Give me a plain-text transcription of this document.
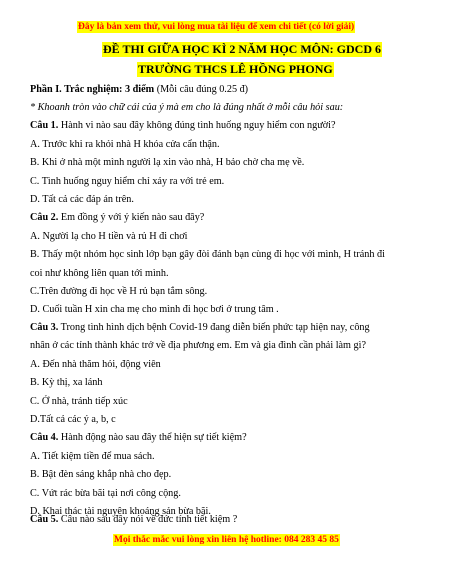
Đây là bản xem thử, vui lòng mua tài liệu để xem chi tiết (có lời giải)
ĐỀ THI GIỮA HỌC KÌ 2 NĂM HỌC MÔN: GDCD 6
TRƯỜNG THCS LÊ HỒNG PHONG
Phần I. Trắc nghiệm: 3 điểm (Mỗi câu đúng 0.25 đ)
* Khoanh tròn vào chữ cái của ý mà em cho là đúng nhất ở mỗi câu hỏi sau:
Câu 1. Hành vi nào sau đây không đúng tình huống nguy hiểm con người?
A. Trước khi ra khỏi nhà H khóa cửa cẩn thận.
B. Khi ở nhà một mình người lạ xin vào nhà, H bảo chờ cha mẹ về.
C. Tình huống nguy hiểm chỉ xảy ra với trẻ em.
D. Tất cả các đáp án trên.
Câu 2. Em đồng ý với ý kiến nào sau đây?
A. Người lạ cho H tiền và rủ H đi chơi
B. Thấy một nhóm học sinh lớp bạn gây đòi đánh bạn cùng đi học với mình, H tránh đi
coi như không liên quan tới mình.
C.Trên đường đi học về H rủ bạn tắm sông.
D. Cuối tuần H xin cha mẹ cho mình đi học bơi ở trung tâm .
Câu 3. Trong tình hình dịch bệnh Covid-19 đang diễn biến phức tạp hiện nay, công
nhân ở các tỉnh thành khác trở về địa phương em. Em và gia đình cần phải làm gì?
A. Đến nhà thăm hỏi, động viên
B. Kỳ thị, xa lánh
C. Ở nhà, tránh tiếp xúc
D.Tất cả các ý a, b, c
Câu 4. Hành động nào sau đây thể hiện sự tiết kiệm?
A. Tiết kiệm tiền để mua sách.
B. Bật đèn sáng khắp nhà cho đẹp.
C. Vứt rác bừa bãi tại nơi công cộng.
D. Khai thác tài nguyên khoáng sản bừa bãi.
Câu 5. Câu nào sau đây nói về đức tính tiết kiệm ?
Mọi thắc mắc vui lòng xin liên hệ hotline: 084 283 45 85
